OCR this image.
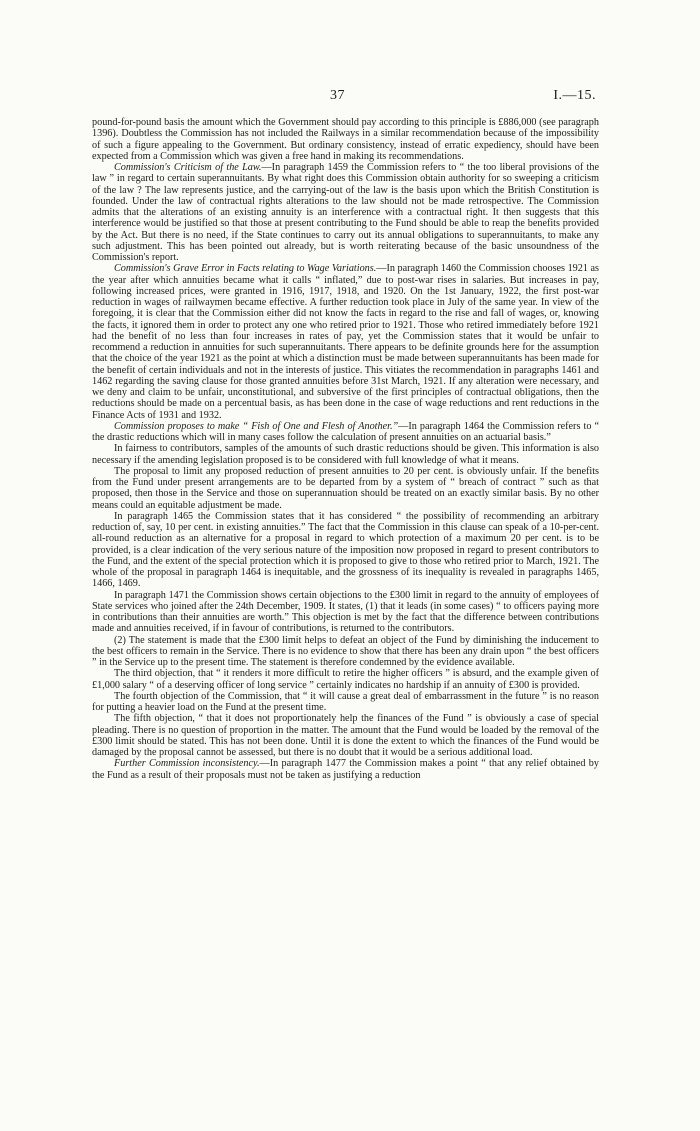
37	I.—15.

pound-for-pound basis the amount which the Government should pay according to this principle is £886,000 (see paragraph 1396). Doubtless the Commission has not included the Railways in a similar recommendation because of the impossibility of such a figure appealing to the Government. But ordinary consistency, instead of erratic expediency, should have been expected from a Commission which was given a free hand in making its recommendations.

Commission's Criticism of the Law.—In paragraph 1459 the Commission refers to “ the too liberal provisions of the law ” in regard to certain superannuitants. By what right does this Commission obtain authority for so sweeping a criticism of the law ? The law represents justice, and the carrying-out of the law is the basis upon which the British Constitution is founded. Under the law of contractual rights alterations to the law should not be made retrospective. The Commission admits that the alterations of an existing annuity is an interference with a contractual right. It then suggests that this interference would be justified so that those at present contributing to the Fund should be able to reap the benefits provided by the Act. But there is no need, if the State continues to carry out its annual obligations to superannuitants, to make any such adjustment. This has been pointed out already, but is worth reiterating because of the basic unsoundness of the Commission's report.

Commission's Grave Error in Facts relating to Wage Variations.—In paragraph 1460 the Commission chooses 1921 as the year after which annuities became what it calls “ inflated,” due to post-war rises in salaries. But increases in pay, following increased prices, were granted in 1916, 1917, 1918, and 1920. On the 1st January, 1922, the first post-war reduction in wages of railwaymen became effective. A further reduction took place in July of the same year. In view of the foregoing, it is clear that the Commission either did not know the facts in regard to the rise and fall of wages, or, knowing the facts, it ignored them in order to protect any one who retired prior to 1921. Those who retired immediately before 1921 had the benefit of no less than four increases in rates of pay, yet the Commission states that it would be unfair to recommend a reduction in annuities for such superannuitants. There appears to be definite grounds here for the assumption that the choice of the year 1921 as the point at which a distinction must be made between superannuitants has been made for the benefit of certain individuals and not in the interests of justice. This vitiates the recommendation in paragraphs 1461 and 1462 regarding the saving clause for those granted annuities before 31st March, 1921. If any alteration were necessary, and we deny and claim to be unfair, unconstitutional, and subversive of the first principles of contractual obligations, then the reductions should be made on a percentual basis, as has been done in the case of wage reductions and rent reductions in the Finance Acts of 1931 and 1932.

Commission proposes to make “ Fish of One and Flesh of Another.”—In paragraph 1464 the Commission refers to “ the drastic reductions which will in many cases follow the calculation of present annuities on an actuarial basis.”

In fairness to contributors, samples of the amounts of such drastic reductions should be given. This information is also necessary if the amending legislation proposed is to be considered with full knowledge of what it means.

The proposal to limit any proposed reduction of present annuities to 20 per cent. is obviously unfair. If the benefits from the Fund under present arrangements are to be departed from by a system of “ breach of contract ” such as that proposed, then those in the Service and those on superannuation should be treated on an exactly similar basis. By no other means could an equitable adjustment be made.

In paragraph 1465 the Commission states that it has considered “ the possibility of recommending an arbitrary reduction of, say, 10 per cent. in existing annuities.” The fact that the Commission in this clause can speak of a 10-per-cent. all-round reduction as an alternative for a proposal in regard to which protection of a maximum 20 per cent. is to be provided, is a clear indication of the very serious nature of the imposition now proposed in regard to present contributors to the Fund, and the extent of the special protection which it is proposed to give to those who retired prior to March, 1921. The whole of the proposal in paragraph 1464 is inequitable, and the grossness of its inequality is revealed in paragraphs 1465, 1466, 1469.

In paragraph 1471 the Commission shows certain objections to the £300 limit in regard to the annuity of employees of State services who joined after the 24th December, 1909. It states, (1) that it leads (in some cases) “ to officers paying more in contributions than their annuities are worth.” This objection is met by the fact that the difference between contributions made and annuities received, if in favour of contributions, is returned to the contributors.

(2) The statement is made that the £300 limit helps to defeat an object of the Fund by diminishing the inducement to the best officers to remain in the Service. There is no evidence to show that there has been any drain upon “ the best officers ” in the Service up to the present time. The statement is therefore condemned by the evidence available.

The third objection, that “ it renders it more difficult to retire the higher officers ” is absurd, and the example given of £1,000 salary “ of a deserving officer of long service ” certainly indicates no hardship if an annuity of £300 is provided.

The fourth objection of the Commission, that “ it will cause a great deal of embarrassment in the future ” is no reason for putting a heavier load on the Fund at the present time.

The fifth objection, “ that it does not proportionately help the finances of the Fund ” is obviously a case of special pleading. There is no question of proportion in the matter. The amount that the Fund would be loaded by the removal of the £300 limit should be stated. This has not been done. Until it is done the extent to which the finances of the Fund would be damaged by the proposal cannot be assessed, but there is no doubt that it would be a serious additional load.

Further Commission inconsistency.—In paragraph 1477 the Commission makes a point “ that any relief obtained by the Fund as a result of their proposals must not be taken as justifying a reduction
